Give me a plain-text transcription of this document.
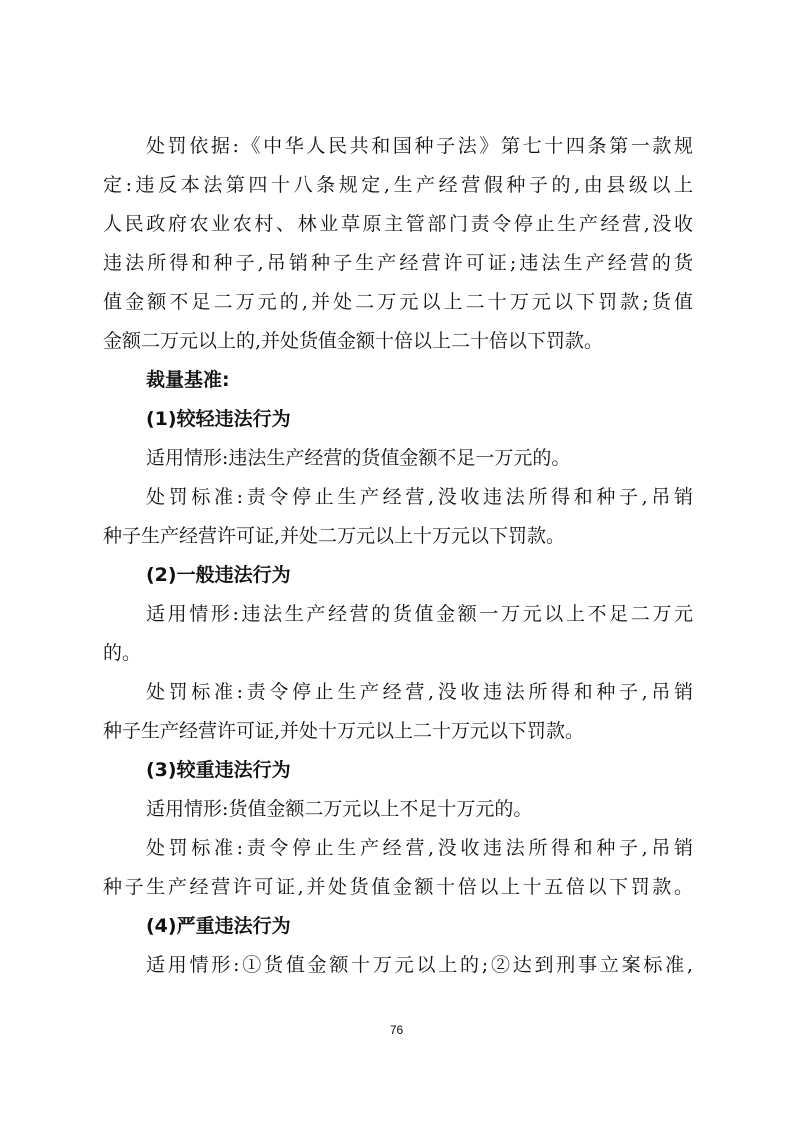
处罚依据:《中华人民共和国种子法》第七十四条第一款规
定:违反本法第四十八条规定,生产经营假种子的,由县级以上
人民政府农业农村、林业草原主管部门责令停止生产经营,没收
违法所得和种子,吊销种子生产经营许可证;违法生产经营的货
值金额不足二万元的,并处二万元以上二十万元以下罚款;货值
金额二万元以上的,并处货值金额十倍以上二十倍以下罚款。
裁量基准:
(1)较轻违法行为
适用情形:违法生产经营的货值金额不足一万元的。
处罚标准:责令停止生产经营,没收违法所得和种子,吊销
种子生产经营许可证,并处二万元以上十万元以下罚款。
(2)一般违法行为
适用情形:违法生产经营的货值金额一万元以上不足二万元
的。
处罚标准:责令停止生产经营,没收违法所得和种子,吊销
种子生产经营许可证,并处十万元以上二十万元以下罚款。
(3)较重违法行为
适用情形:货值金额二万元以上不足十万元的。
处罚标准:责令停止生产经营,没收违法所得和种子,吊销
种子生产经营许可证,并处货值金额十倍以上十五倍以下罚款。
(4)严重违法行为
适用情形:①货值金额十万元以上的;②达到刑事立案标准,
76
